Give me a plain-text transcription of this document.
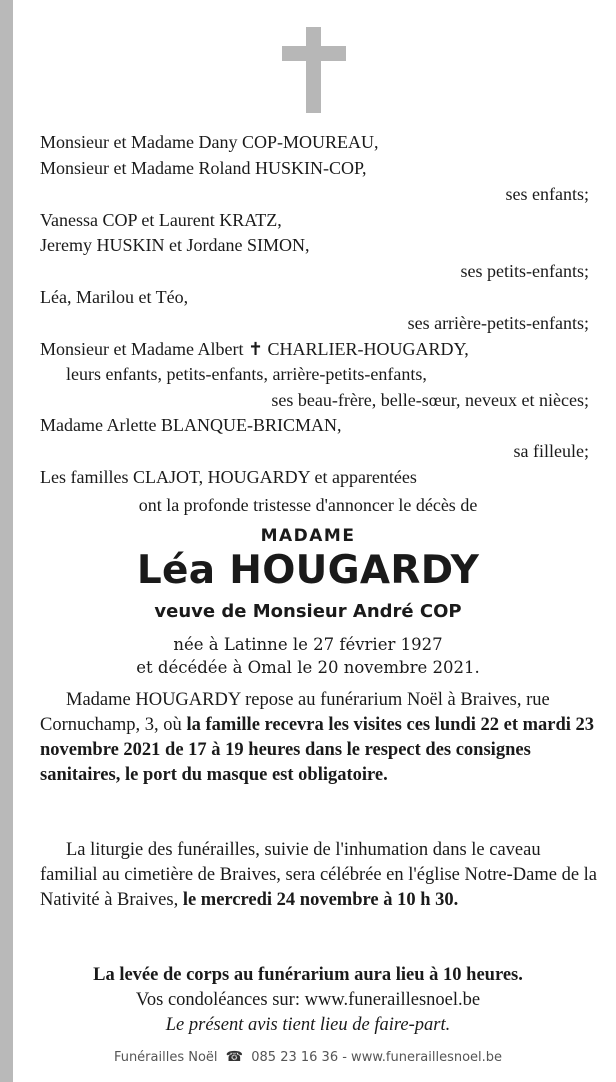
Monsieur et Madame Dany COP-MOUREAU,
Monsieur et Madame Roland HUSKIN-COP,
ses enfants;
Vanessa COP et Laurent KRATZ,
Jeremy HUSKIN et Jordane SIMON,
ses petits-enfants;
Léa, Marilou et Téo,
ses arrière-petits-enfants;
Monsieur et Madame Albert ✝ CHARLIER-HOUGARDY,
leurs enfants, petits-enfants, arrière-petits-enfants,
ses beau-frère, belle-sœur, neveux et nièces;
Madame Arlette BLANQUE-BRICMAN,
sa filleule;
Les familles CLAJOT, HOUGARDY et apparentées
ont la profonde tristesse d'annoncer le décès de
MADAME
Léa HOUGARDY
veuve de Monsieur André COP
née à Latinne le 27 février 1927
et décédée à Omal le 20 novembre 2021.

Madame HOUGARDY repose au funérarium Noël à Braives, rue Cornuchamp, 3, où la famille recevra les visites ces lundi 22 et mardi 23 novembre 2021 de 17 à 19 heures dans le respect des consignes sanitaires, le port du masque est obligatoire.

La liturgie des funérailles, suivie de l'inhumation dans le caveau familial au cimetière de Braives, sera célébrée en l'église Notre-Dame de la Nativité à Braives, le mercredi 24 novembre à 10 h 30.

La levée de corps au funérarium aura lieu à 10 heures.
Vos condoléances sur: www.funeraillesnoel.be
Le présent avis tient lieu de faire-part.
Funérailles Noël ☎ 085 23 16 36 - www.funeraillesnoel.be
